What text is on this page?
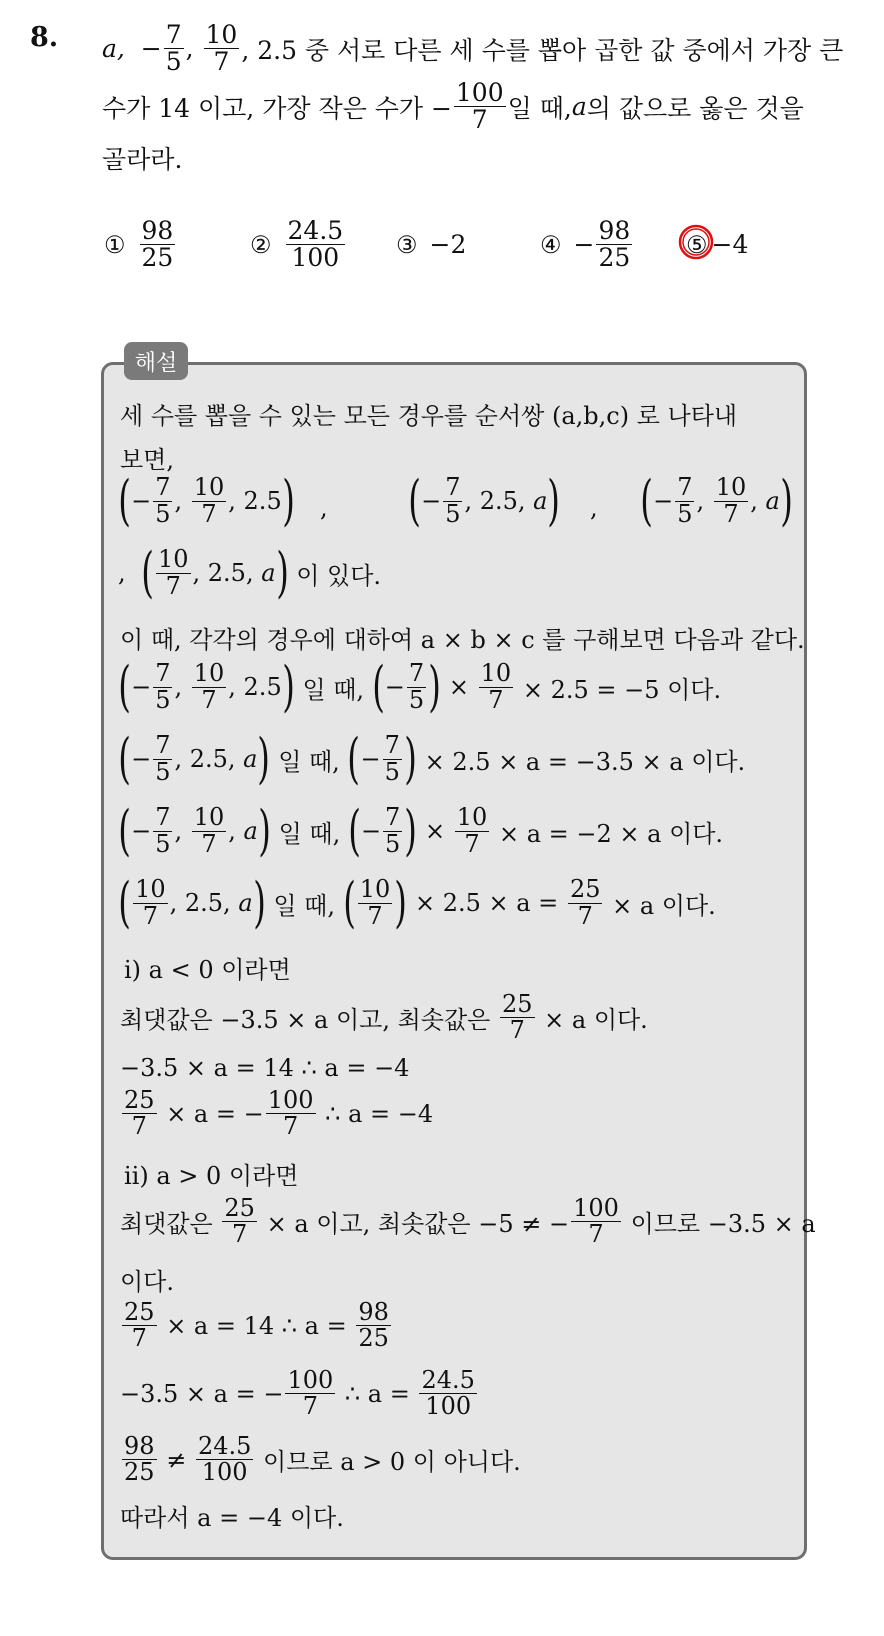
8. a, − 7
5 , 10
7 , 2.5 중 서로 다른 세 수를 뽑아 곱한 값 중에서 가장 큰
수가 14 이고, 가장 작은 수가 − $\frac{100}{7}$ 일 때, a 의 값으로 옳은 것을
골라라.
① 98
25	② 24.5
100 ③ −2	④ − $\frac{98}{25}$ ⑤ −4
해설
세 수를 뽑을 수 있는 모든 경우를 순서쌍 (a,b,c) 로 나타내
보면,
( − 7
5 , 10
7 , 2.5 ) , ( − 7
5 , 2.5, a ) , ( − 7
5 , 10
7 , a )
, ( 10
7 , 2.5, a )
이 있다.
이 때, 각각의 경우에 대하여 a × b × c 를 구해보면 다음과 같다.
( − 7
5 , 10
7 , 2.5 )
일 때,
( − 7
5 ) × $\frac{10}{7}$
× 2.5 = −5 이다.
( − 7
5 , 2.5, a )
일 때,
( − 7
5 )
× 2.5 × a = −3.5 × a 이다.
( − 7
5 , 10
7 , a )
일 때,
( − 7
5 ) × $\frac{10}{7}$
× a = −2 × a 이다.
( 10
7 , 2.5, a )
일 때,
( 10
7 )
× 2.5 × a =
$\frac{25}{7}$
× a 이다.
ⅰ) a < 0 이라면
최댓값은 −3.5 × a 이고, 최솟값은
$\frac{25}{7}$
× a 이다.
−3.5 × a = 14 ∴ a = −4
$\frac{25}{7}$
× a = − $\frac{100}{7}$
∴ a = −4
ⅱ) a > 0 이라면
최댓값은
$\frac{25}{7}$
× a 이고, 최솟값은 −5 ≠ − $\frac{100}{7}$
이므로 −3.5 × a
이다.
$\frac{25}{7}$
× a = 14 ∴ a =
$\frac{98}{25}$
−3.5 × a = − $\frac{100}{7}$
∴ a =
$\frac{24.5}{100}$
98
25
≠
24.5
100
이므로 a > 0 이 아니다.
따라서 a = −4 이다.
